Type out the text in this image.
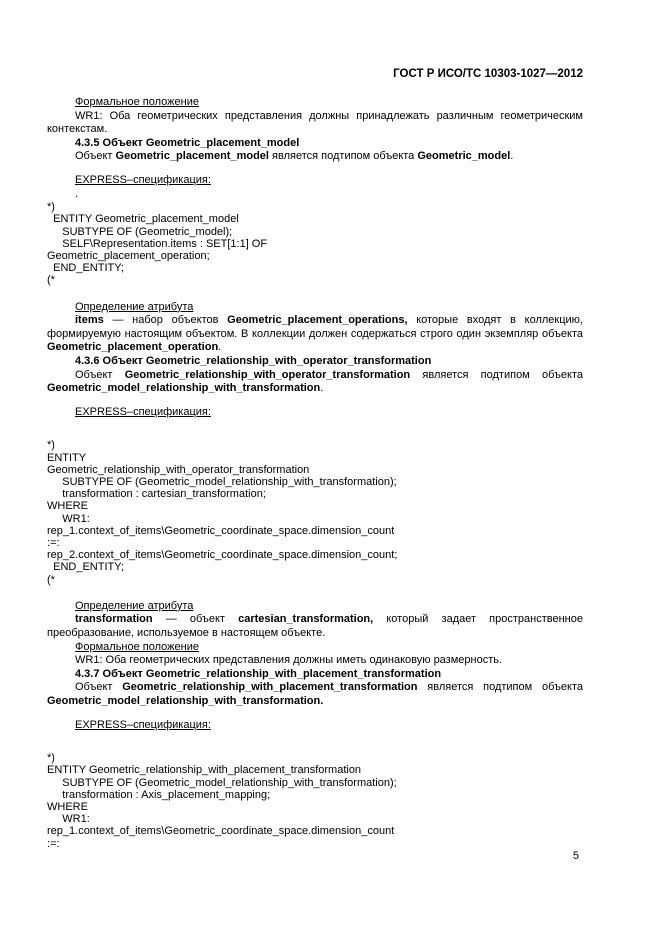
ГОСТ Р ИСО/ТС 10303-1027—2012

Формальное положение

WR1: Оба геометрических представления должны принадлежать различным геометрическим контекстам.

4.3.5 Объект Geometric_placement_model

Объект Geometric_placement_model является подтипом объекта Geometric_model.

EXPRESS–спецификация:

.

*)
ENTITY Geometric_placement_model
SUBTYPE OF (Geometric_model);
SELF\Representation.items : SET[1:1] OF
Geometric_placement_operation;
END_ENTITY;
(*

Определение атрибута

items — набор объектов Geometric_placement_operations, которые входят в коллекцию, формируемую настоящим объектом. В коллекции должен содержаться строго один экземпляр объекта Geometric_placement_operation.

4.3.6 Объект Geometric_relationship_with_operator_transformation

Объект Geometric_relationship_with_operator_transformation является подтипом объекта Geometric_model_relationship_with_transformation.

EXPRESS–спецификация:

*)
ENTITY
Geometric_relationship_with_operator_transformation
SUBTYPE OF (Geometric_model_relationship_with_transformation);
transformation : cartesian_transformation;
WHERE
WR1:
rep_1.context_of_items\Geometric_coordinate_space.dimension_count
:=:
rep_2.context_of_items\Geometric_coordinate_space.dimension_count;
END_ENTITY;
(*

Определение атрибута

transformation — объект cartesian_transformation, который задает пространственное преобразование, используемое в настоящем объекте.

Формальное положение

WR1: Оба геометрических представления должны иметь одинаковую размерность.

4.3.7 Объект Geometric_relationship_with_placement_transformation

Объект Geometric_relationship_with_placement_transformation является подтипом объекта Geometric_model_relationship_with_transformation.

EXPRESS–спецификация:

*)
ENTITY Geometric_relationship_with_placement_transformation
SUBTYPE OF (Geometric_model_relationship_with_transformation);
transformation : Axis_placement_mapping;
WHERE
WR1:
rep_1.context_of_items\Geometric_coordinate_space.dimension_count
:=:
5
